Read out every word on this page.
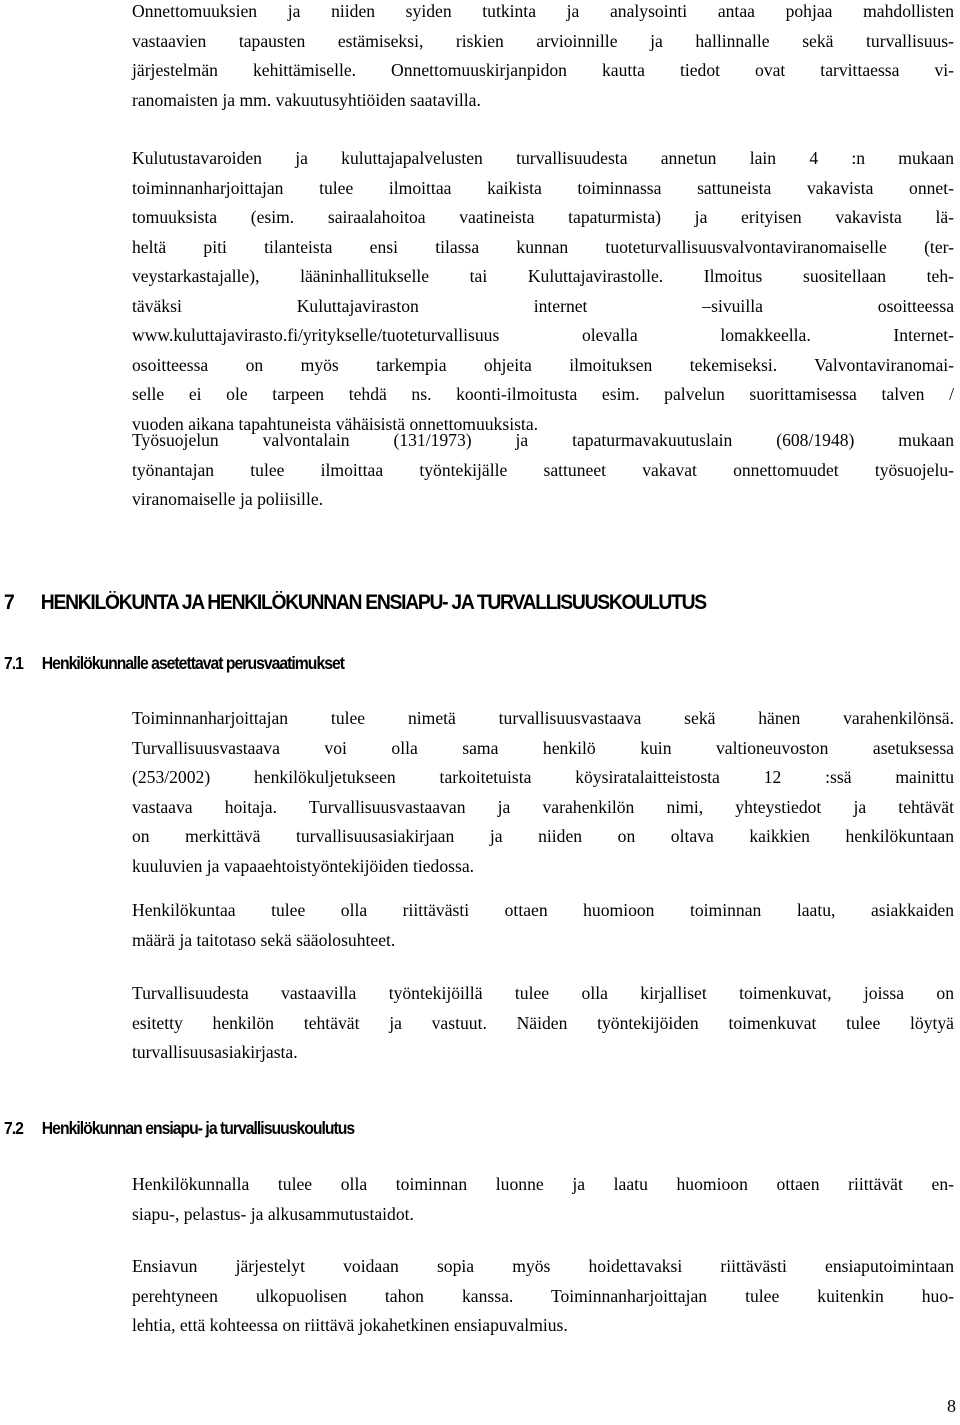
Onnettomuuksien ja niiden syiden tutkinta ja analysointi antaa pohjaa mahdollisten
vastaavien tapausten estämiseksi, riskien arvioinnille ja hallinnalle sekä turvallisuus-
järjestelmän kehittämiselle. Onnettomuuskirjanpidon kautta tiedot ovat tarvittaessa vi-
ranomaisten ja mm. vakuutusyhtiöiden saatavilla.
Kulutustavaroiden ja kuluttajapalvelusten turvallisuudesta annetun lain 4 :n mukaan
toiminnanharjoittajan tulee ilmoittaa kaikista toiminnassa sattuneista vakavista onnet-
tomuuksista (esim. sairaalahoitoa vaatineista tapaturmista) ja erityisen vakavista lä-
heltä piti tilanteista ensi tilassa kunnan tuoteturvallisuusvalvontaviranomaiselle (ter-
veystarkastajalle), lääninhallitukselle tai Kuluttajavirastolle. Ilmoitus suositellaan teh-
täväksi Kuluttajaviraston internet –sivuilla osoitteessa
www.kuluttajavirasto.fi/yritykselle/tuoteturvallisuus olevalla lomakkeella. Internet-
osoitteessa on myös tarkempia ohjeita ilmoituksen tekemiseksi. Valvontaviranomai-
selle ei ole tarpeen tehdä ns. koonti-ilmoitusta esim. palvelun suorittamisessa talven /
vuoden aikana tapahtuneista vähäisistä onnettomuuksista.
Työsuojelun valvontalain (131/1973) ja tapaturmavakuutuslain (608/1948) mukaan
työnantajan tulee ilmoittaa työntekijälle sattuneet vakavat onnettomuudet työsuojelu-
viranomaiselle ja poliisille.
7 HENKILÖKUNTA JA HENKILÖKUNNAN ENSIAPU- JA TURVALLISUUSKOULUTUS
7.1 Henkilökunnalle asetettavat perusvaatimukset
Toiminnanharjoittajan tulee nimetä turvallisuusvastaava sekä hänen varahenkilönsä.
Turvallisuusvastaava voi olla sama henkilö kuin valtioneuvoston asetuksessa
(253/2002) henkilökuljetukseen tarkoitetuista köysiratalaitteistosta 12 :ssä mainittu
vastaava hoitaja. Turvallisuusvastaavan ja varahenkilön nimi, yhteystiedot ja tehtävät
on merkittävä turvallisuusasiakirjaan ja niiden on oltava kaikkien henkilökuntaan
kuuluvien ja vapaaehtoistyöntekijöiden tiedossa.
Henkilökuntaa tulee olla riittävästi ottaen huomioon toiminnan laatu, asiakkaiden
määrä ja taitotaso sekä sääolosuhteet.
Turvallisuudesta vastaavilla työntekijöillä tulee olla kirjalliset toimenkuvat, joissa on
esitetty henkilön tehtävät ja vastuut. Näiden työntekijöiden toimenkuvat tulee löytyä
turvallisuusasiakirjasta.
7.2 Henkilökunnan ensiapu- ja turvallisuuskoulutus
Henkilökunnalla tulee olla toiminnan luonne ja laatu huomioon ottaen riittävät en-
siapu-, pelastus- ja alkusammutustaidot.
Ensiavun järjestelyt voidaan sopia myös hoidettavaksi riittävästi ensiaputoimintaan
perehtyneen ulkopuolisen tahon kanssa. Toiminnanharjoittajan tulee kuitenkin huo-
lehtia, että kohteessa on riittävä jokahetkinen ensiapuvalmius.
8
